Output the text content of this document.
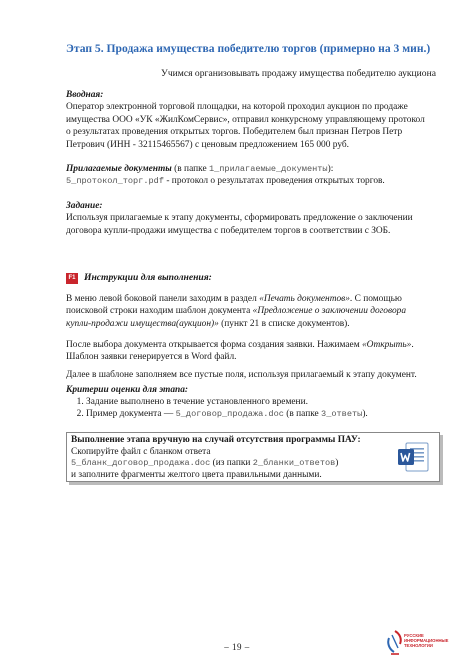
Этап 5. Продажа имущества победителю торгов (примерно на 3 мин.)
Учимся организовывать продажу имущества победителю аукциона
Вводная:
Оператор электронной торговой площадки, на которой проходил аукцион по продаже
имущества ООО «УК «ЖилКомСервис», отправил конкурсному управляющему протокол
о результатах проведения открытых торгов. Победителем был признан Петров Петр
Петрович (ИНН - 32115465567) с ценовым предложением 165 000 руб.
Прилагаемые документы (в папке 1_прилагаемые_документы):
5_протокол_торг.pdf - протокол о результатах проведения открытых торгов.
Задание:
Используя прилагаемые к этапу документы, сформировать предложение о заключении
договора купли-продажи имущества с победителем торгов в соответствии с ЗОБ.
F1 Инструкции для выполнения:
В меню левой боковой панели заходим в раздел «Печать документов». С помощью
поисковой строки находим шаблон документа «Предложение о заключении договора
купли-продажи имущества(аукцион)» (пункт 21 в списке документов).
После выбора документа открывается форма создания заявки. Нажимаем «Открыть».
Шаблон заявки генерируется в Word файл.
Далее в шаблоне заполняем все пустые поля, используя прилагаемый к этапу документ.
Критерии оценки для этапа:
1. Задание выполнено в течение установленного времени.
2. Пример документа — 5_договор_продажа.doc (в папке 3_ответы).
Выполнение этапа вручную на случай отсутствия программы ПАУ:
Скопируйте файл с бланком ответа
5_бланк_договор_продажа.doc (из папки 2_бланки_ответов)
и заполните фрагменты желтого цвета правильными данными.
– 19 –
РУССКИЕ
ИНФОРМАЦИОННЫЕ
ТЕХНОЛОГИИ
